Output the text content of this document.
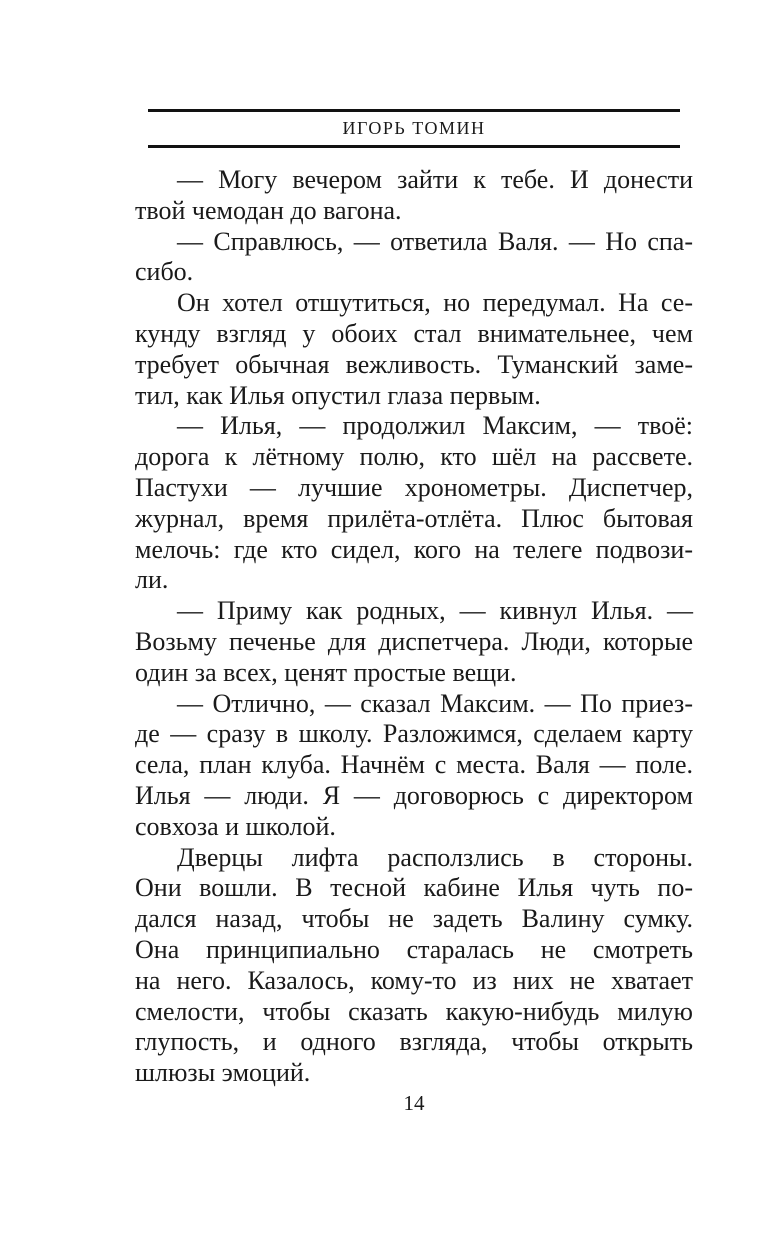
ИГОРЬ ТОМИН
— Могу вечером зайти к тебе. И донести
твой чемодан до вагона.
— Справлюсь, — ответила Валя. — Но спа-
сибо.
Он хотел отшутиться, но передумал. На се-
кунду взгляд у обоих стал внимательнее, чем
требует обычная вежливость. Туманский заме-
тил, как Илья опустил глаза первым.
— Илья, — продолжил Максим, — твоё:
дорога к лётному полю, кто шёл на рассвете.
Пастухи — лучшие хронометры. Диспетчер,
журнал, время прилёта-отлёта. Плюс бытовая
мелочь: где кто сидел, кого на телеге подвози-
ли.
— Приму как родных, — кивнул Илья. —
Возьму печенье для диспетчера. Люди, которые
один за всех, ценят простые вещи.
— Отлично, — сказал Максим. — По приез-
де — сразу в школу. Разложимся, сделаем карту
села, план клуба. Начнём с места. Валя — поле.
Илья — люди. Я — договорюсь с директором
совхоза и школой.
Дверцы лифта расползлись в стороны.
Они вошли. В тесной кабине Илья чуть по-
дался назад, чтобы не задеть Валину сумку.
Она принципиально старалась не смотреть
на него. Казалось, кому-то из них не хватает
смелости, чтобы сказать какую-нибудь милую
глупость, и одного взгляда, чтобы открыть
шлюзы эмоций.
14
